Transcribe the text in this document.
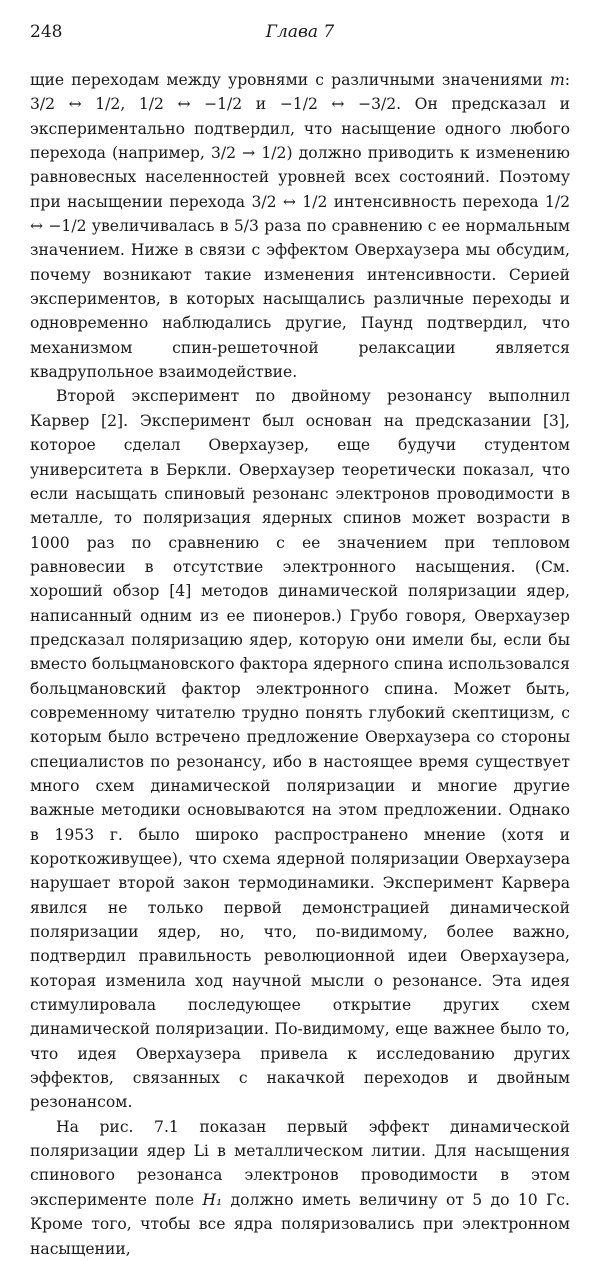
248	Глава 7

щие переходам между уровнями с различными значениями m: 3/2 ↔ 1/2, 1/2 ↔ −1/2 и −1/2 ↔ −3/2. Он предсказал и экспериментально подтвердил, что насыщение одного любого перехода (например, 3/2 → 1/2) должно приводить к изменению равновесных населенностей уровней всех состояний. Поэтому при насыщении перехода 3/2 ↔ 1/2 интенсивность перехода 1/2 ↔ −1/2 увеличивалась в 5/3 раза по сравнению с ее нормальным значением. Ниже в связи с эффектом Оверхаузера мы обсудим, почему возникают такие изменения интенсивности. Серией экспериментов, в которых насыщались различные переходы и одновременно наблюдались другие, Паунд подтвердил, что механизмом спин-решеточной релаксации является квадрупольное взаимодействие.

Второй эксперимент по двойному резонансу выполнил Карвер [2]. Эксперимент был основан на предсказании [3], которое сделал Оверхаузер, еще будучи студентом университета в Беркли. Оверхаузер теоретически показал, что если насыщать спиновый резонанс электронов проводимости в металле, то поляризация ядерных спинов может возрасти в 1000 раз по сравнению с ее значением при тепловом равновесии в отсутствие электронного насыщения. (См. хороший обзор [4] методов динамической поляризации ядер, написанный одним из ее пионеров.) Грубо говоря, Оверхаузер предсказал поляризацию ядер, которую они имели бы, если бы вместо больцмановского фактора ядерного спина использовался больцмановский фактор электронного спина. Может быть, современному читателю трудно понять глубокий скептицизм, с которым было встречено предложение Оверхаузера со стороны специалистов по резонансу, ибо в настоящее время существует много схем динамической поляризации и многие другие важные методики основываются на этом предложении. Однако в 1953 г. было широко распространено мнение (хотя и короткоживущее), что схема ядерной поляризации Оверхаузера нарушает второй закон термодинамики. Эксперимент Карвера явился не только первой демонстрацией динамической поляризации ядер, но, что, по-видимому, более важно, подтвердил правильность революционной идеи Оверхаузера, которая изменила ход научной мысли о резонансе. Эта идея стимулировала последующее открытие других схем динамической поляризации. По-видимому, еще важнее было то, что идея Оверхаузера привела к исследованию других эффектов, связанных с накачкой переходов и двойным резонансом.

На рис. 7.1 показан первый эффект динамической поляризации ядер Li в металлическом литии. Для насыщения спинового резонанса электронов проводимости в этом эксперименте поле H₁ должно иметь величину от 5 до 10 Гс. Кроме того, чтобы все ядра поляризовались при электронном насыщении,
